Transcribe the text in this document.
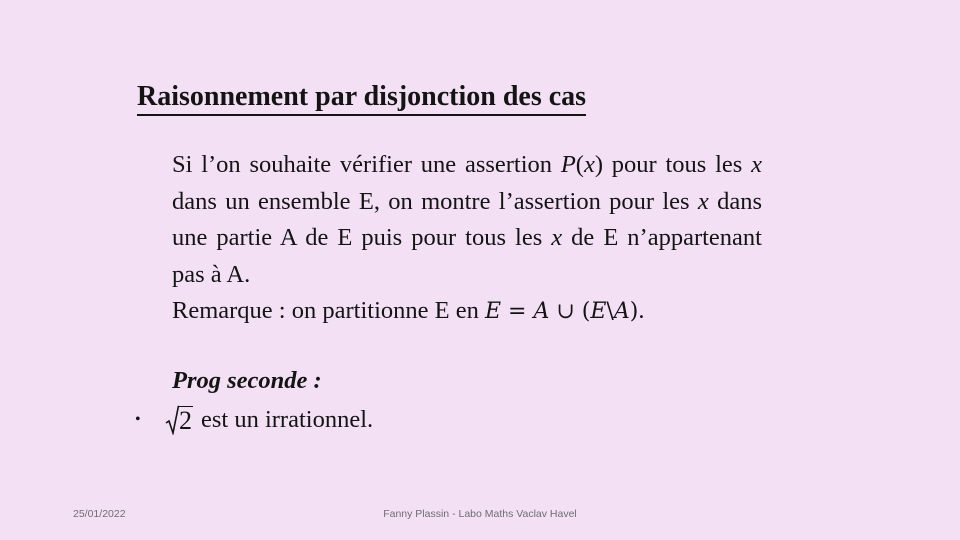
Raisonnement par disjonction des cas

Si l’on souhaite vérifier une assertion P(x) pour tous les x dans un ensemble E, on montre l’assertion pour les x dans une partie A de E puis pour tous les x de E n’appartenant pas à A.

Remarque : on partitionne E en E = A ∪ (E\A).

Prog seconde :
•	2 est un irrationnel.
25/01/2022	Fanny Plassin - Labo Maths Vaclav Havel
